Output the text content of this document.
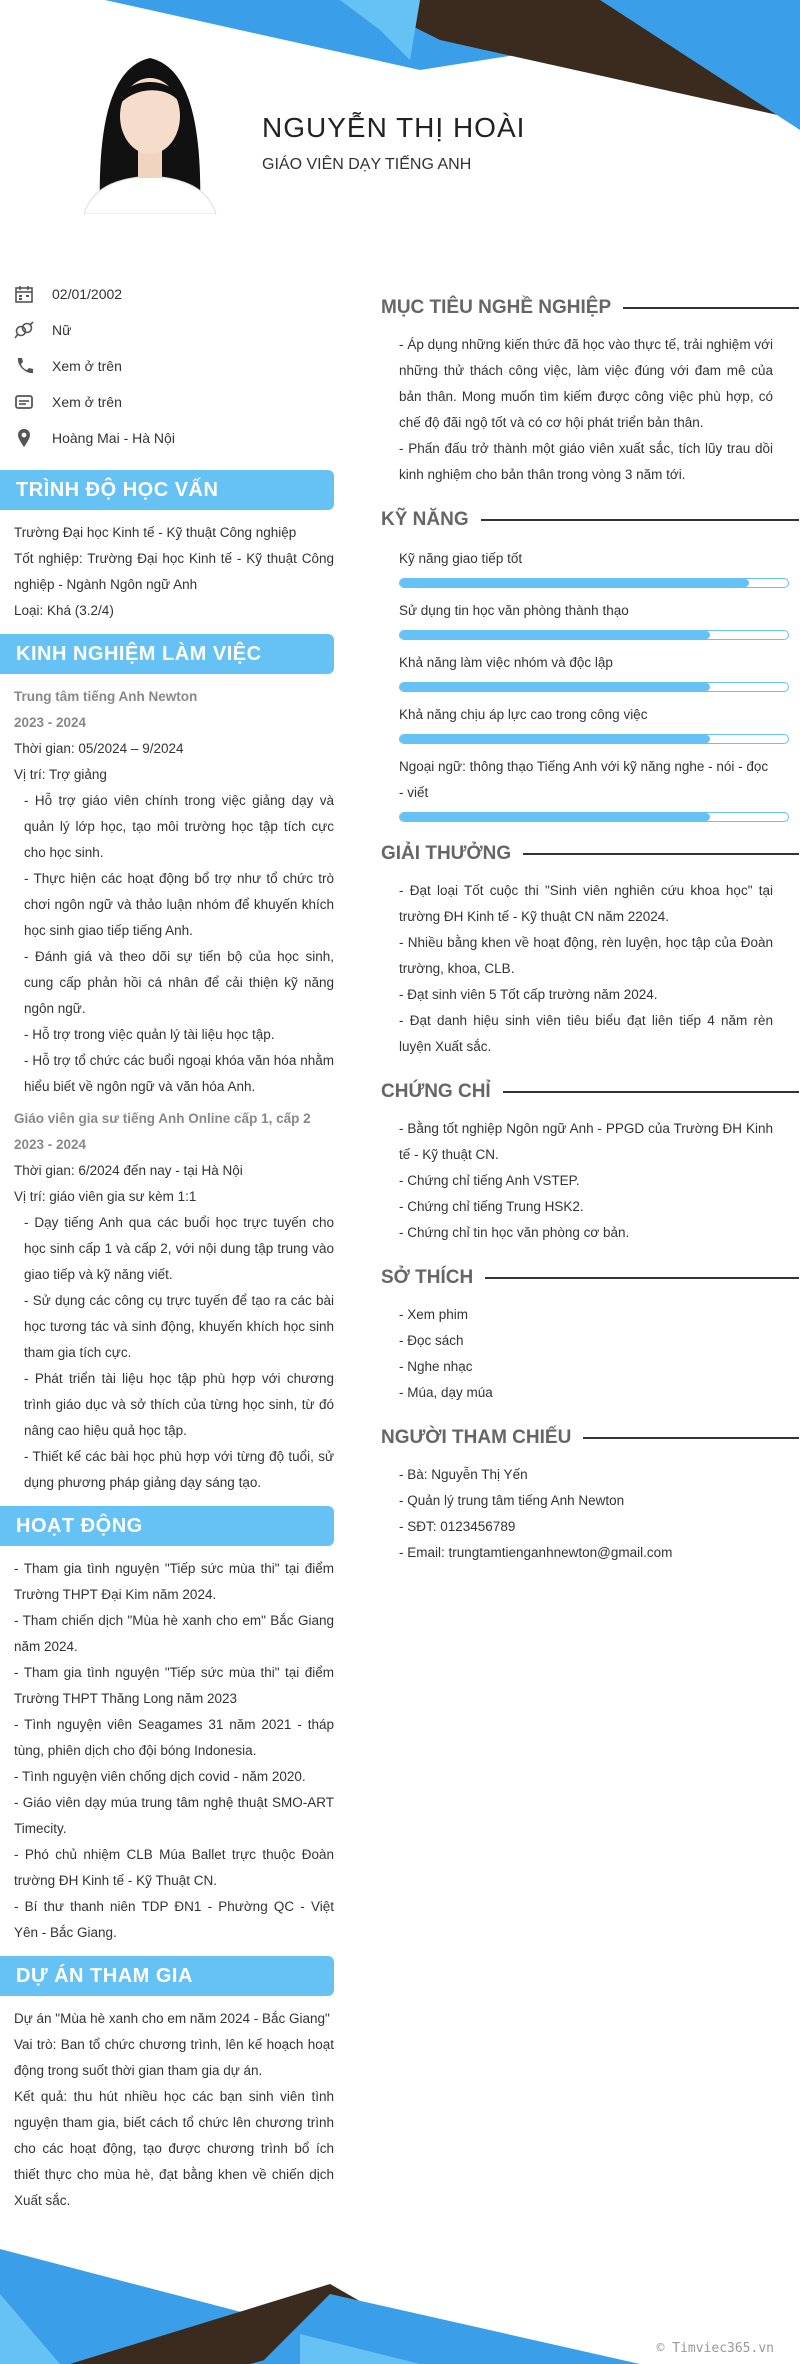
NGUYỄN THỊ HOÀI
GIÁO VIÊN DẠY TIẾNG ANH
02/01/2002
Nữ
Xem ở trên
Xem ở trên
Hoàng Mai - Hà Nội
TRÌNH ĐỘ HỌC VẤN
Trường Đại học Kinh tế - Kỹ thuật Công nghiệp
Tốt nghiệp: Trường Đại học Kinh tế - Kỹ thuật Công nghiệp - Ngành Ngôn ngữ Anh
Loại: Khá (3.2/4)
KINH NGHIỆM LÀM VIỆC
Trung tâm tiếng Anh Newton
2023 - 2024
Thời gian: 05/2024 – 9/2024
Vị trí: Trợ giảng
- Hỗ trợ giáo viên chính trong việc giảng dạy và quản lý lớp học, tạo môi trường học tập tích cực cho học sinh.
- Thực hiện các hoạt động bổ trợ như tổ chức trò chơi ngôn ngữ và thảo luận nhóm để khuyến khích học sinh giao tiếp tiếng Anh.
- Đánh giá và theo dõi sự tiến bộ của học sinh, cung cấp phản hồi cá nhân để cải thiện kỹ năng ngôn ngữ.
- Hỗ trợ trong việc quản lý tài liệu học tập.
- Hỗ trợ tổ chức các buổi ngoại khóa văn hóa nhằm hiểu biết về ngôn ngữ và văn hóa Anh.
Giáo viên gia sư tiếng Anh Online cấp 1, cấp 2
2023 - 2024
Thời gian: 6/2024 đến nay - tại Hà Nội
Vị trí: giáo viên gia sư kèm 1:1
- Dạy tiếng Anh qua các buổi học trực tuyến cho học sinh cấp 1 và cấp 2, với nội dung tập trung vào giao tiếp và kỹ năng viết.
- Sử dụng các công cụ trực tuyến để tạo ra các bài học tương tác và sinh động, khuyến khích học sinh tham gia tích cực.
- Phát triển tài liệu học tập phù hợp với chương trình giáo dục và sở thích của từng học sinh, từ đó nâng cao hiệu quả học tập.
- Thiết kế các bài học phù hợp với từng độ tuổi, sử dụng phương pháp giảng dạy sáng tạo.
HOẠT ĐỘNG
- Tham gia tình nguyện "Tiếp sức mùa thi" tại điểm Trường THPT Đại Kim năm 2024.
- Tham chiến dịch "Mùa hè xanh cho em" Bắc Giang năm 2024.
- Tham gia tình nguyện "Tiếp sức mùa thi" tại điểm Trường THPT Thăng Long năm 2023
- Tình nguyện viên Seagames 31 năm 2021 - tháp tùng, phiên dịch cho đội bóng Indonesia.
- Tình nguyện viên chống dịch covid - năm 2020.
- Giáo viên dạy múa trung tâm nghệ thuật SMO-ART Timecity.
- Phó chủ nhiệm CLB Múa Ballet trực thuộc Đoàn trường ĐH Kinh tế - Kỹ Thuật CN.
- Bí thư thanh niên TDP ĐN1 - Phường QC - Việt Yên - Bắc Giang.
DỰ ÁN THAM GIA
Dự án "Mùa hè xanh cho em năm 2024 - Bắc Giang"
Vai trò: Ban tổ chức chương trình, lên kế hoạch hoạt động trong suốt thời gian tham gia dự án.
Kết quả: thu hút nhiều học các bạn sinh viên tình nguyện tham gia, biết cách tổ chức lên chương trình cho các hoạt động, tạo được chương trình bổ ích thiết thực cho mùa hè, đạt bằng khen về chiến dịch Xuất sắc.
MỤC TIÊU NGHỀ NGHIỆP
- Áp dụng những kiến thức đã học vào thực tế, trải nghiệm với những thử thách công việc, làm việc đúng với đam mê của bản thân. Mong muốn tìm kiếm được công việc phù hợp, có chế độ đãi ngộ tốt và có cơ hội phát triển bản thân.
- Phấn đấu trở thành một giáo viên xuất sắc, tích lũy trau dồi kinh nghiệm cho bản thân trong vòng 3 năm tới.
KỸ NĂNG
Kỹ năng giao tiếp tốt
Sử dụng tin học văn phòng thành thạo
Khả năng làm việc nhóm và độc lập
Khả năng chịu áp lực cao trong công việc
Ngoại ngữ: thông thạo Tiếng Anh với kỹ năng nghe - nói - đọc - viết
GIẢI THƯỞNG
- Đạt loại Tốt cuộc thi "Sinh viên nghiên cứu khoa học" tại trường ĐH Kinh tế - Kỹ thuật CN năm 22024.
- Nhiều bằng khen về hoạt động, rèn luyện, học tập của Đoàn trường, khoa, CLB.
- Đạt sinh viên 5 Tốt cấp trường năm 2024.
- Đạt danh hiệu sinh viên tiêu biểu đạt liên tiếp 4 năm rèn luyện Xuất sắc.
CHỨNG CHỈ
- Bằng tốt nghiệp Ngôn ngữ Anh - PPGD của Trường ĐH Kinh tế - Kỹ thuật CN.
- Chứng chỉ tiếng Anh VSTEP.
- Chứng chỉ tiếng Trung HSK2.
- Chứng chỉ tin học văn phòng cơ bản.
SỞ THÍCH
- Xem phim
- Đọc sách
- Nghe nhạc
- Múa, dạy múa
NGƯỜI THAM CHIẾU
- Bà: Nguyễn Thị Yến
- Quản lý trung tâm tiếng Anh Newton
- SĐT: 0123456789
- Email: trungtamtienganhnewton@gmail.com
© Timviec365.vn
